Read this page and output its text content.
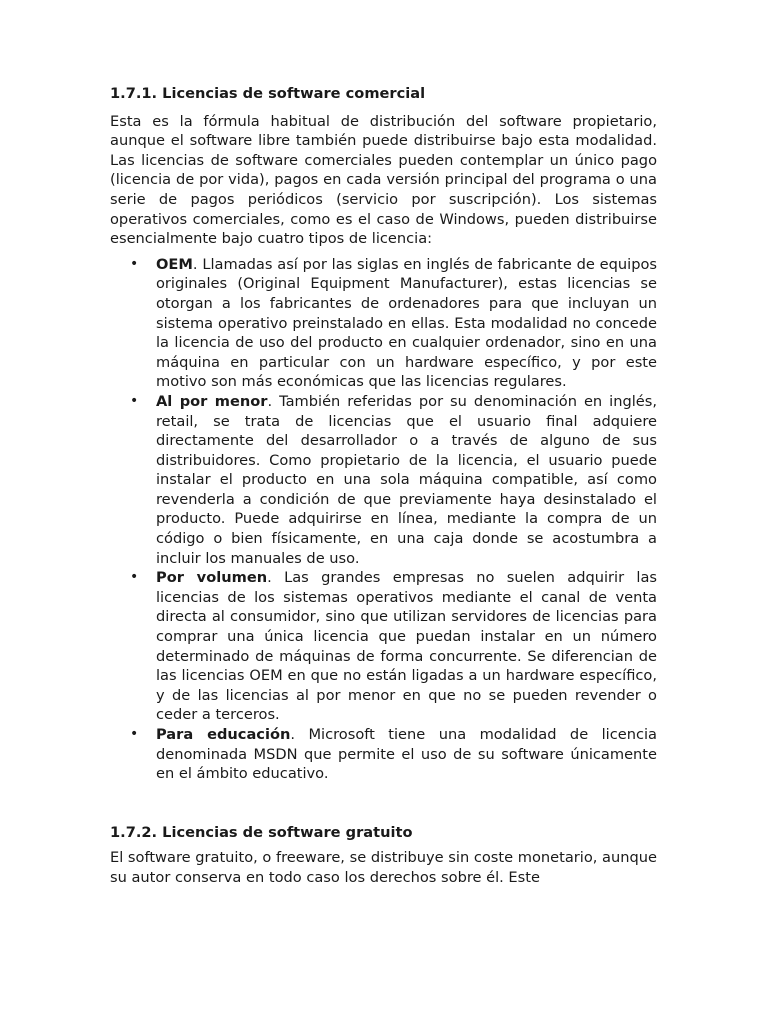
1.7.1. Licencias de software comercial

Esta es la fórmula habitual de distribución del software propietario, aunque el software libre también puede distribuirse bajo esta modalidad. Las licencias de software comerciales pueden contemplar un único pago (licencia de por vida), pagos en cada versión principal del programa o una serie de pagos periódicos (servicio por suscripción). Los sistemas operativos comerciales, como es el caso de Windows, pueden distribuirse esencialmente bajo cuatro tipos de licencia:

• OEM. Llamadas así por las siglas en inglés de fabricante de equipos originales (Original Equipment Manufacturer), estas licencias se otorgan a los fabricantes de ordenadores para que incluyan un sistema operativo preinstalado en ellas. Esta modalidad no concede la licencia de uso del producto en cualquier ordenador, sino en una máquina en particular con un hardware específico, y por este motivo son más económicas que las licencias regulares.
• Al por menor. También referidas por su denominación en inglés, retail, se trata de licencias que el usuario final adquiere directamente del desarrollador o a través de alguno de sus distribuidores. Como propietario de la licencia, el usuario puede instalar el producto en una sola máquina compatible, así como revenderla a condición de que previamente haya desinstalado el producto. Puede adquirirse en línea, mediante la compra de un código o bien físicamente, en una caja donde se acostumbra a incluir los manuales de uso.
• Por volumen. Las grandes empresas no suelen adquirir las licencias de los sistemas operativos mediante el canal de venta directa al consumidor, sino que utilizan servidores de licencias para comprar una única licencia que puedan instalar en un número determinado de máquinas de forma concurrente. Se diferencian de las licencias OEM en que no están ligadas a un hardware específico, y de las licencias al por menor en que no se pueden revender o ceder a terceros.
• Para educación. Microsoft tiene una modalidad de licencia denominada MSDN que permite el uso de su software únicamente en el ámbito educativo.

1.7.2. Licencias de software gratuito

El software gratuito, o freeware, se distribuye sin coste monetario, aunque su autor conserva en todo caso los derechos sobre él. Este
